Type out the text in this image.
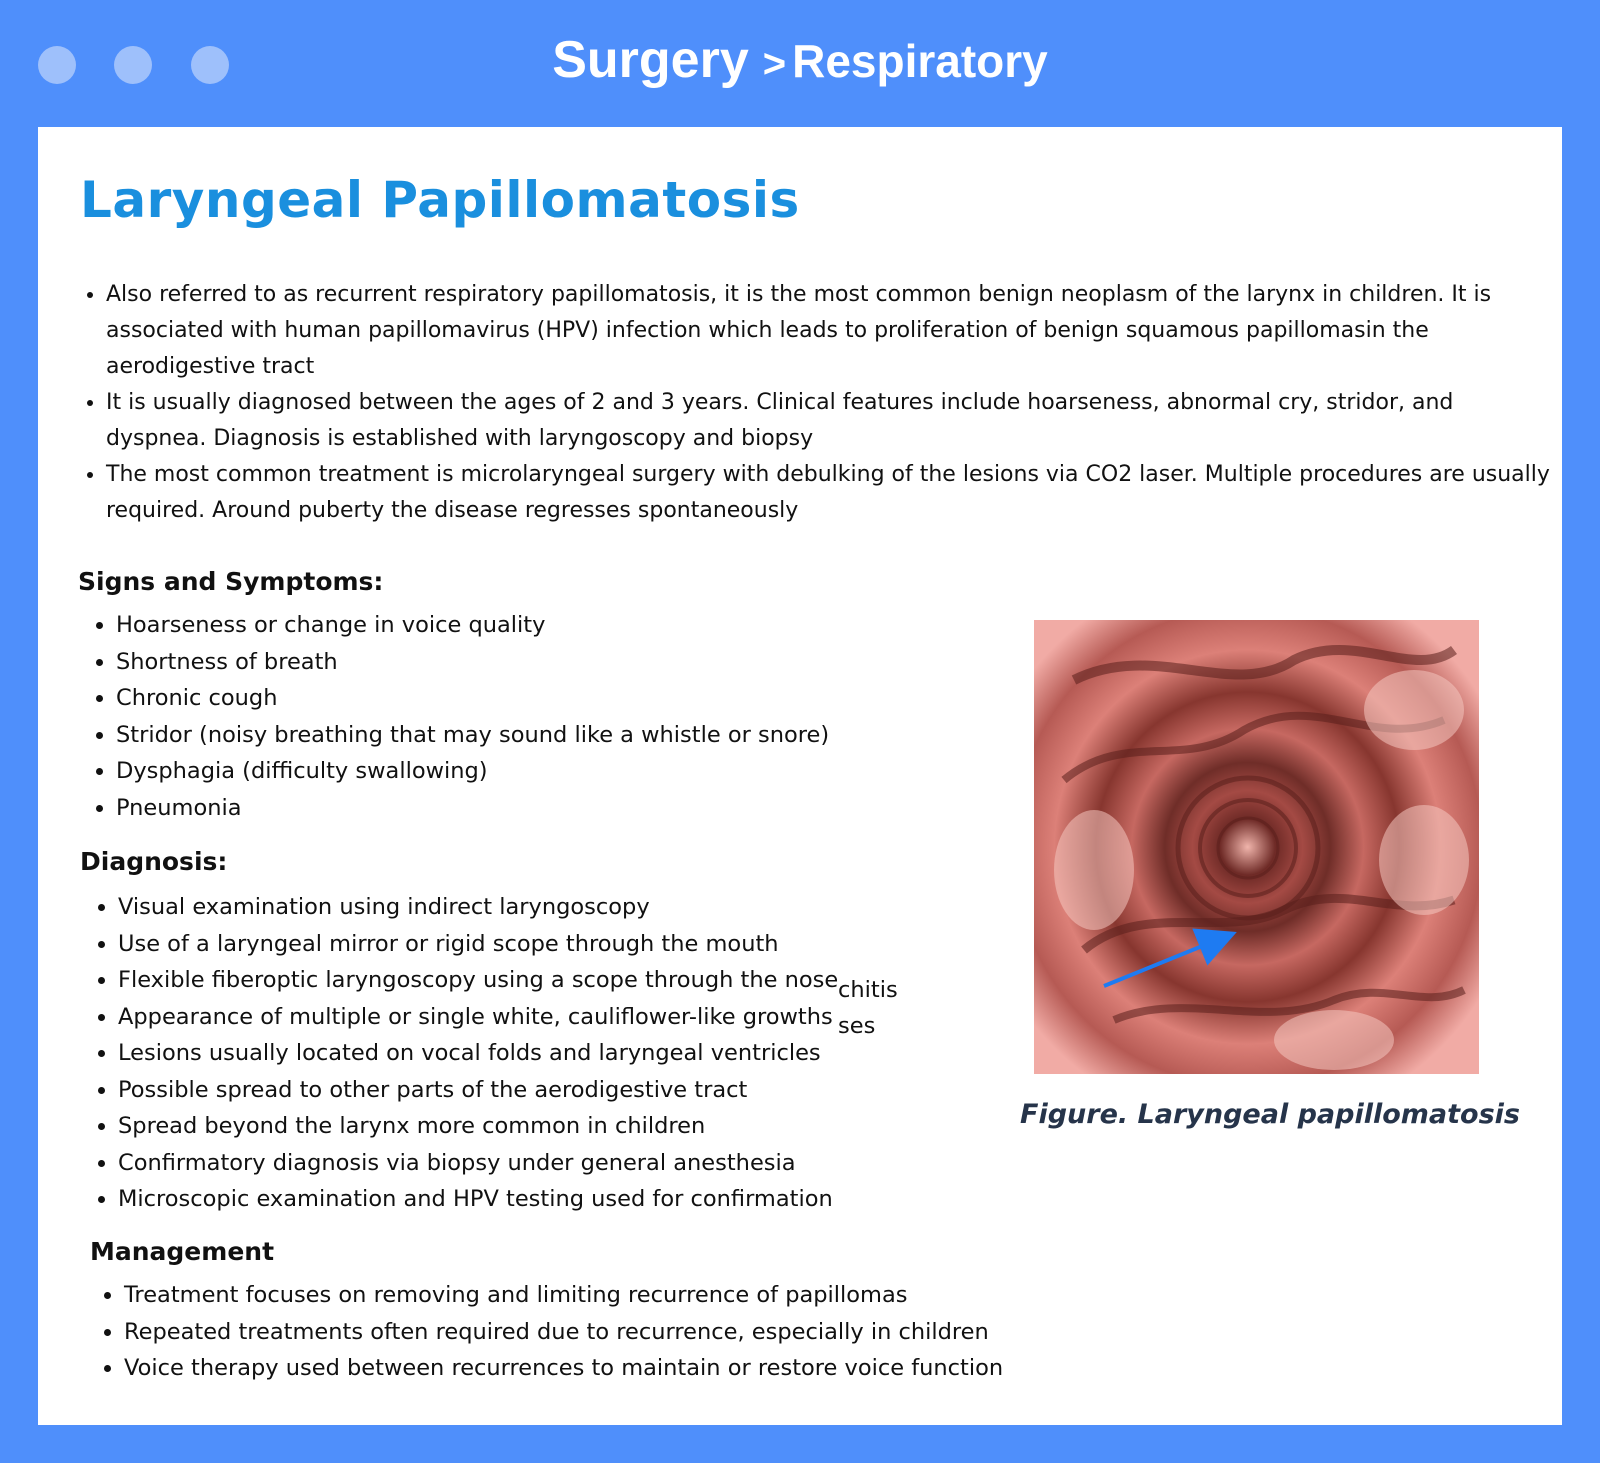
Surgery > Respiratory
Laryngeal Papillomatosis
• Also referred to as recurrent respiratory papillomatosis, it is the most common benign neoplasm of the larynx in children. It is associated with human papillomavirus (HPV) infection which leads to proliferation of benign squamous papillomasin the aerodigestive tract
• It is usually diagnosed between the ages of 2 and 3 years. Clinical features include hoarseness, abnormal cry, stridor, and dyspnea. Diagnosis is established with laryngoscopy and biopsy
• The most common treatment is microlaryngeal surgery with debulking of the lesions via CO2 laser. Multiple procedures are usually required. Around puberty the disease regresses spontaneously
Signs and Symptoms:
• Hoarseness or change in voice quality
• Shortness of breath
• Chronic cough
• Stridor (noisy breathing that may sound like a whistle or snore)
• Dysphagia (difficulty swallowing)
• Pneumonia
Diagnosis:
• Visual examination using indirect laryngoscopy
• Use of a laryngeal mirror or rigid scope through the mouth
• Flexible fiberoptic laryngoscopy using a scope through the nose
• Appearance of multiple or single white, cauliflower-like growths
• Lesions usually located on vocal folds and laryngeal ventricles
• Possible spread to other parts of the aerodigestive tract
• Spread beyond the larynx more common in children
• Confirmatory diagnosis via biopsy under general anesthesia
• Microscopic examination and HPV testing used for confirmation
chitis
ses
Management
• Treatment focuses on removing and limiting recurrence of papillomas
• Repeated treatments often required due to recurrence, especially in children
• Voice therapy used between recurrences to maintain or restore voice function
Figure. Laryngeal papillomatosis
